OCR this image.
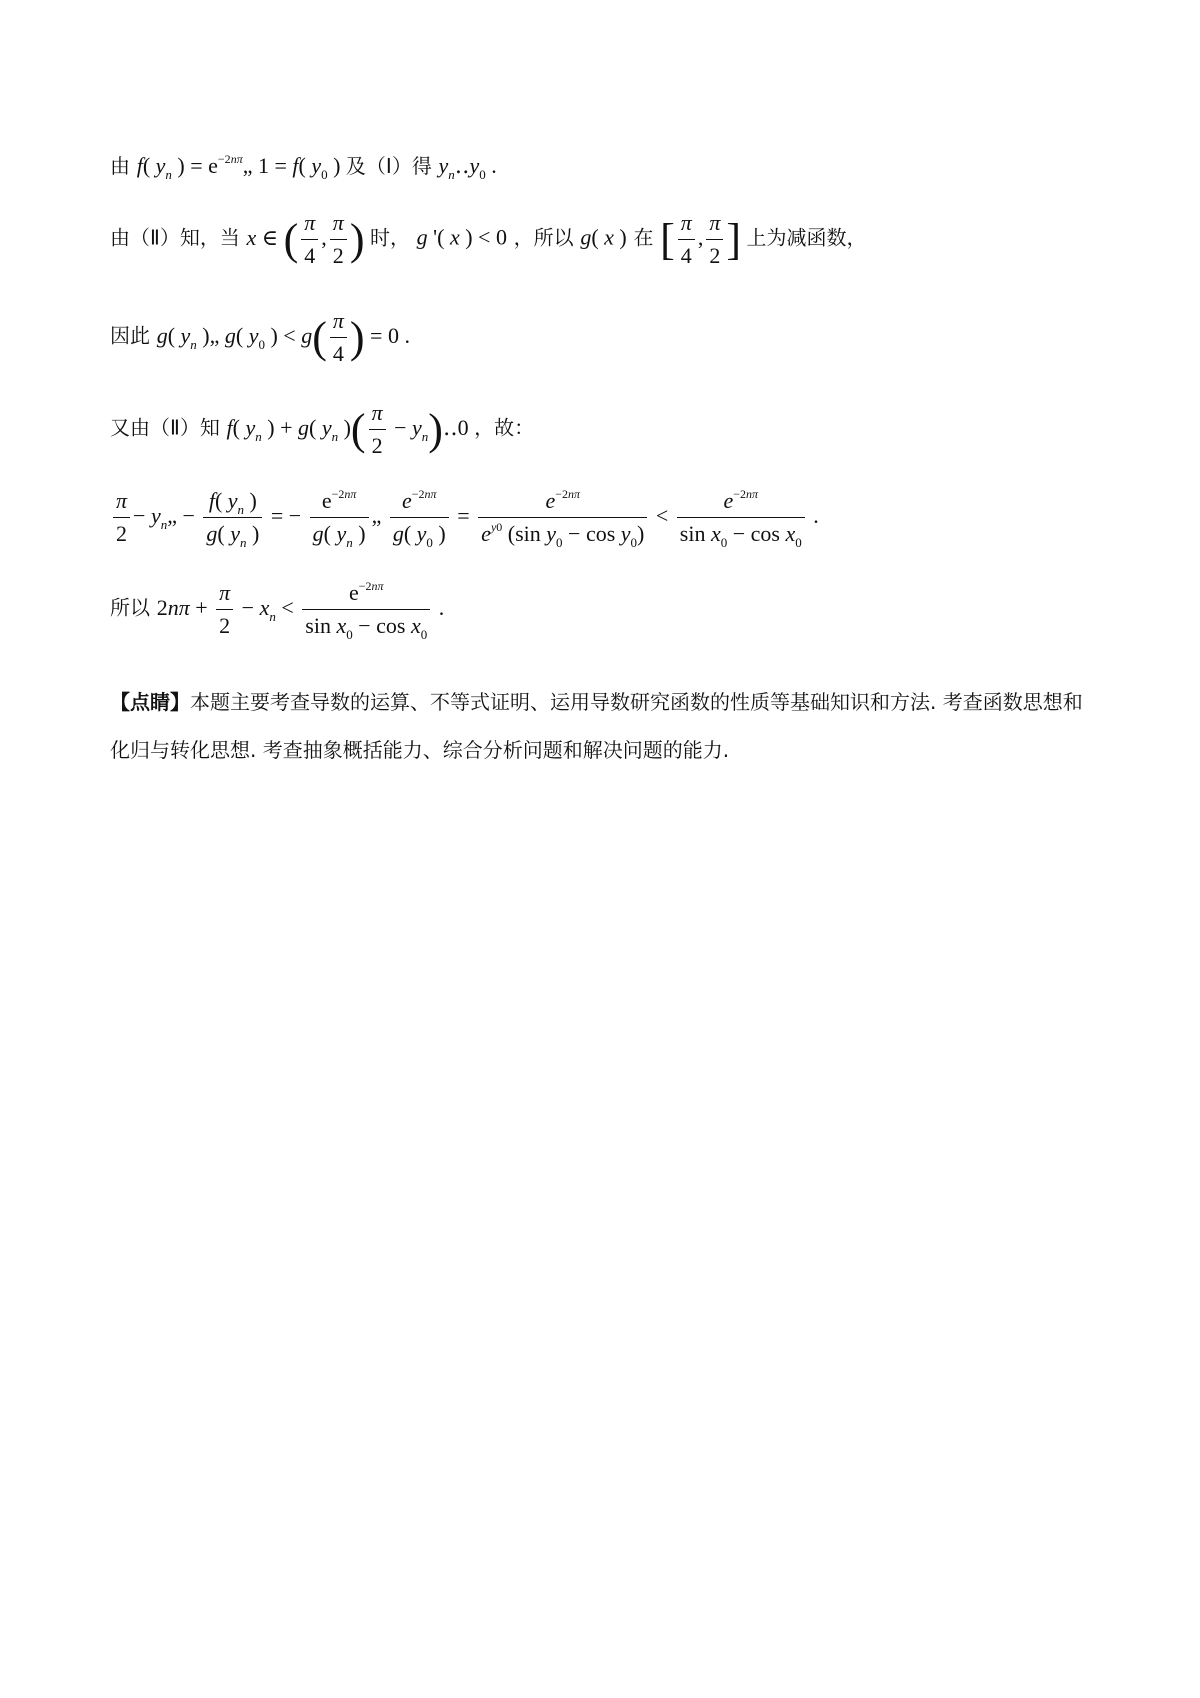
由 f( $y_n$ ) = $e^{-2n\pi}„$ 1 = f( $y_0$ ) 及（Ⅰ）得 $y_n‥y_0$ .
由（Ⅱ）知，当 x ∈ ( $\frac{\pi}{4}$ , $\frac{\pi}{2}$ ) 时， g '( x ) < 0 ，所以 g( x ) 在 [ $\frac{\pi}{4}$ , $\frac{\pi}{2}$ ] 上为减函数，
因此 g( $y_n$ )„ g( $y_0$ ) < $g( \frac{\pi}{4}$ ) = 0 .
又由（Ⅱ）知 f( $y_n$ ) + g( $y_n$ )( $\frac{\pi}{2}$ − $y_n)‥0$ ，故：
$\frac{\pi}{2}$ − $y_n„ - \frac{f( y_n )}{g( y_n )}$ = − $\frac{e^{-2n\pi}}{g( y_n )}$ „ $\frac{e^{-2n\pi}}{g( y_0 )} = \frac{e^{-2n\pi}}{e^{y0} (\sin y_0 - \cos y_0)} < \frac{e^{-2n\pi}}{\sin x_0 - \cos x_0}$ .
所以 $2n\pi + \frac{\pi}{2} - x_n < \frac{e^{-2n\pi}}{\sin x_0 - \cos x_0}$ .
【点睛】本题主要考查导数的运算、不等式证明、运用导数研究函数的性质等基础知识和方法. 考查函数思想和化归与转化思想. 考查抽象概括能力、综合分析问题和解决问题的能力.
